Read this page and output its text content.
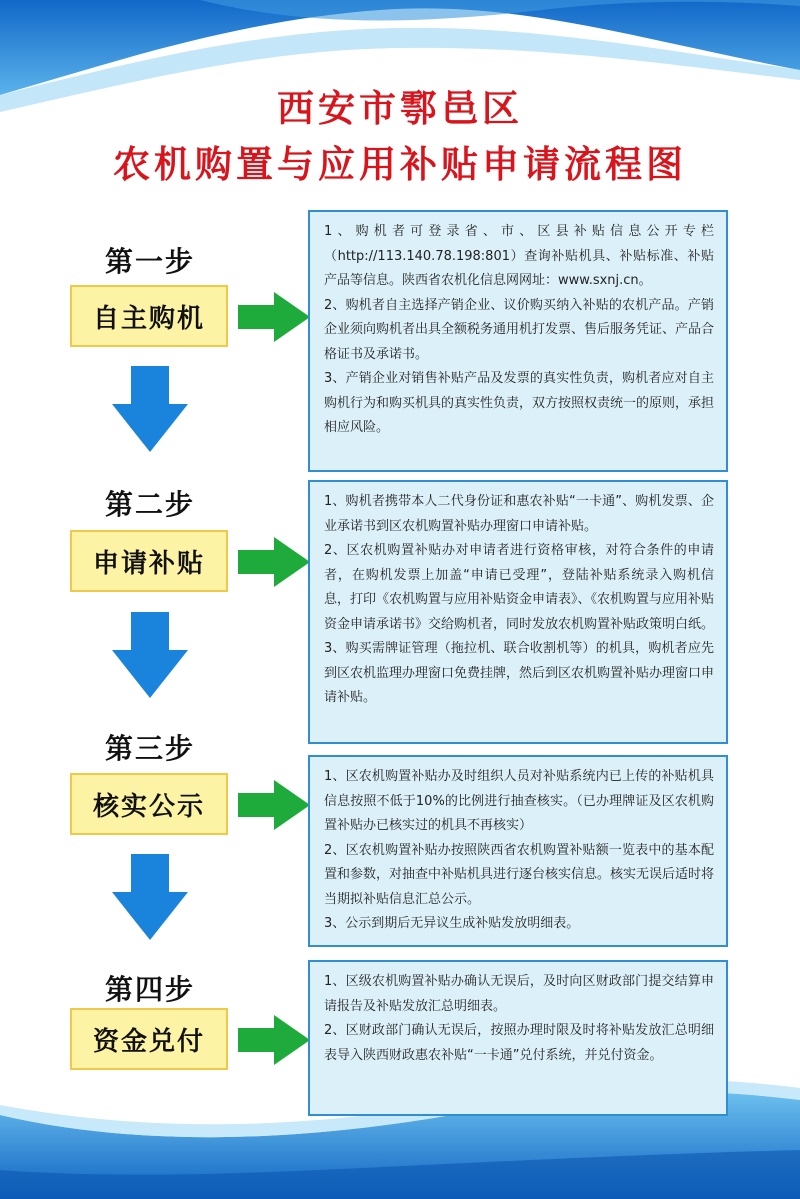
西安市鄠邑区
农机购置与应用补贴申请流程图
第一步
自主购机

1、购机者可登录省、市、区县补贴信息公开专栏（http://113.140.78.198:801）查询补贴机具、补贴标准、补贴产品等信息。陕西省农机化信息网网址：www.sxnj.cn。

2、购机者自主选择产销企业、议价购买纳入补贴的农机产品。产销企业须向购机者出具全额税务通用机打发票、售后服务凭证、产品合格证书及承诺书。

3、产销企业对销售补贴产品及发票的真实性负责，购机者应对自主购机行为和购买机具的真实性负责，双方按照权责统一的原则，承担相应风险。

第二步
申请补贴

1、购机者携带本人二代身份证和惠农补贴“一卡通”、购机发票、企业承诺书到区农机购置补贴办理窗口申请补贴。

2、区农机购置补贴办对申请者进行资格审核，对符合条件的申请者，在购机发票上加盖“申请已受理”，登陆补贴系统录入购机信息，打印《农机购置与应用补贴资金申请表》、《农机购置与应用补贴资金申请承诺书》交给购机者，同时发放农机购置补贴政策明白纸。

3、购买需牌证管理（拖拉机、联合收割机等）的机具，购机者应先到区农机监理办理窗口免费挂牌，然后到区农机购置补贴办理窗口申请补贴。

第三步
核实公示

1、区农机购置补贴办及时组织人员对补贴系统内已上传的补贴机具信息按照不低于10%的比例进行抽查核实。（已办理牌证及区农机购置补贴办已核实过的机具不再核实）

2、区农机购置补贴办按照陕西省农机购置补贴额一览表中的基本配置和参数，对抽查中补贴机具进行逐台核实信息。核实无误后适时将当期拟补贴信息汇总公示。

3、公示到期后无异议生成补贴发放明细表。

第四步
资金兑付

1、区级农机购置补贴办确认无误后，及时向区财政部门提交结算申请报告及补贴发放汇总明细表。

2、区财政部门确认无误后，按照办理时限及时将补贴发放汇总明细表导入陕西财政惠农补贴“一卡通”兑付系统，并兑付资金。
